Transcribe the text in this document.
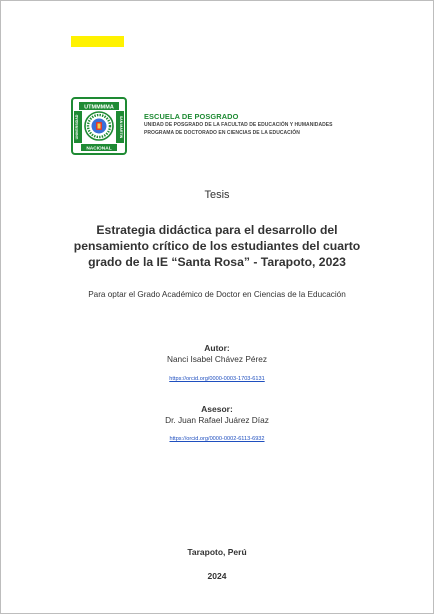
UTMMMMA
UNIVERSIDAD	SAN MARTIN
NACIONAL
ESCUELA DE POSGRADO
UNIDAD DE POSGRADO DE LA FACULTAD DE EDUCACIÓN Y HUMANIDADES
PROGRAMA DE DOCTORADO EN CIENCIAS DE LA EDUCACIÓN
Tesis
Estrategia didáctica para el desarrollo del
pensamiento crítico de los estudiantes del cuarto
grado de la IE “Santa Rosa” - Tarapoto, 2023
Para optar el Grado Académico de Doctor en Ciencias de la Educación
Autor:
Nanci Isabel Chávez Pérez
https://orcid.org/0000-0003-1703-6131
Asesor:
Dr. Juan Rafael Juárez Díaz
https://orcid.org/0000-0002-6113-6932
Tarapoto, Perú
2024
